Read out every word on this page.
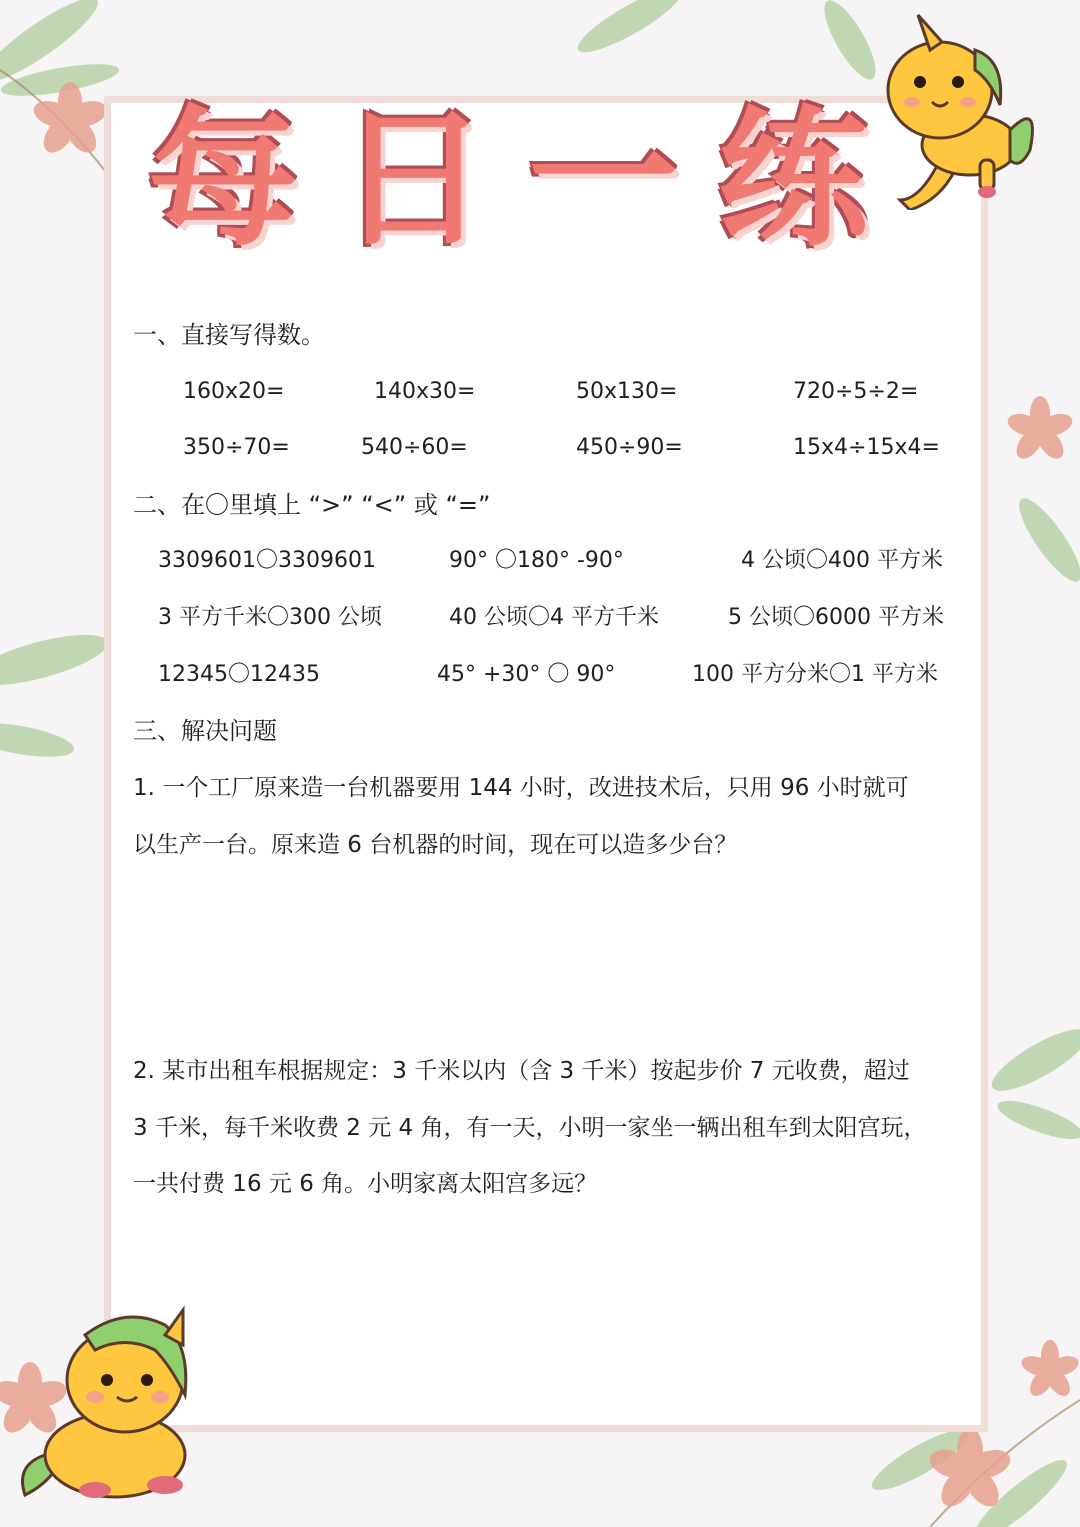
每 日 一 练
一、直接写得数。
160x20=	140x30=	50x130=	720÷5÷2=
350÷70=	540÷60=	450÷90=	15x4÷15x4=
二、在〇里填上 “>” “<” 或 “=”
3309601〇3309601	90° 〇180° -90°	4 公顷〇400 平方米
3 平方千米〇300 公顷	40 公顷〇4 平方千米	5 公顷〇6000 平方米
12345〇12435	45° +30° 〇 90°	100 平方分米〇1 平方米
三、解决问题
1. 一个工厂原来造一台机器要用 144 小时，改进技术后，只用 96 小时就可
以生产一台。原来造 6 台机器的时间，现在可以造多少台？
2. 某市出租车根据规定：3 千米以内（含 3 千米）按起步价 7 元收费，超过
3 千米，每千米收费 2 元 4 角，有一天，小明一家坐一辆出租车到太阳宫玩，
一共付费 16 元 6 角。小明家离太阳宫多远？
